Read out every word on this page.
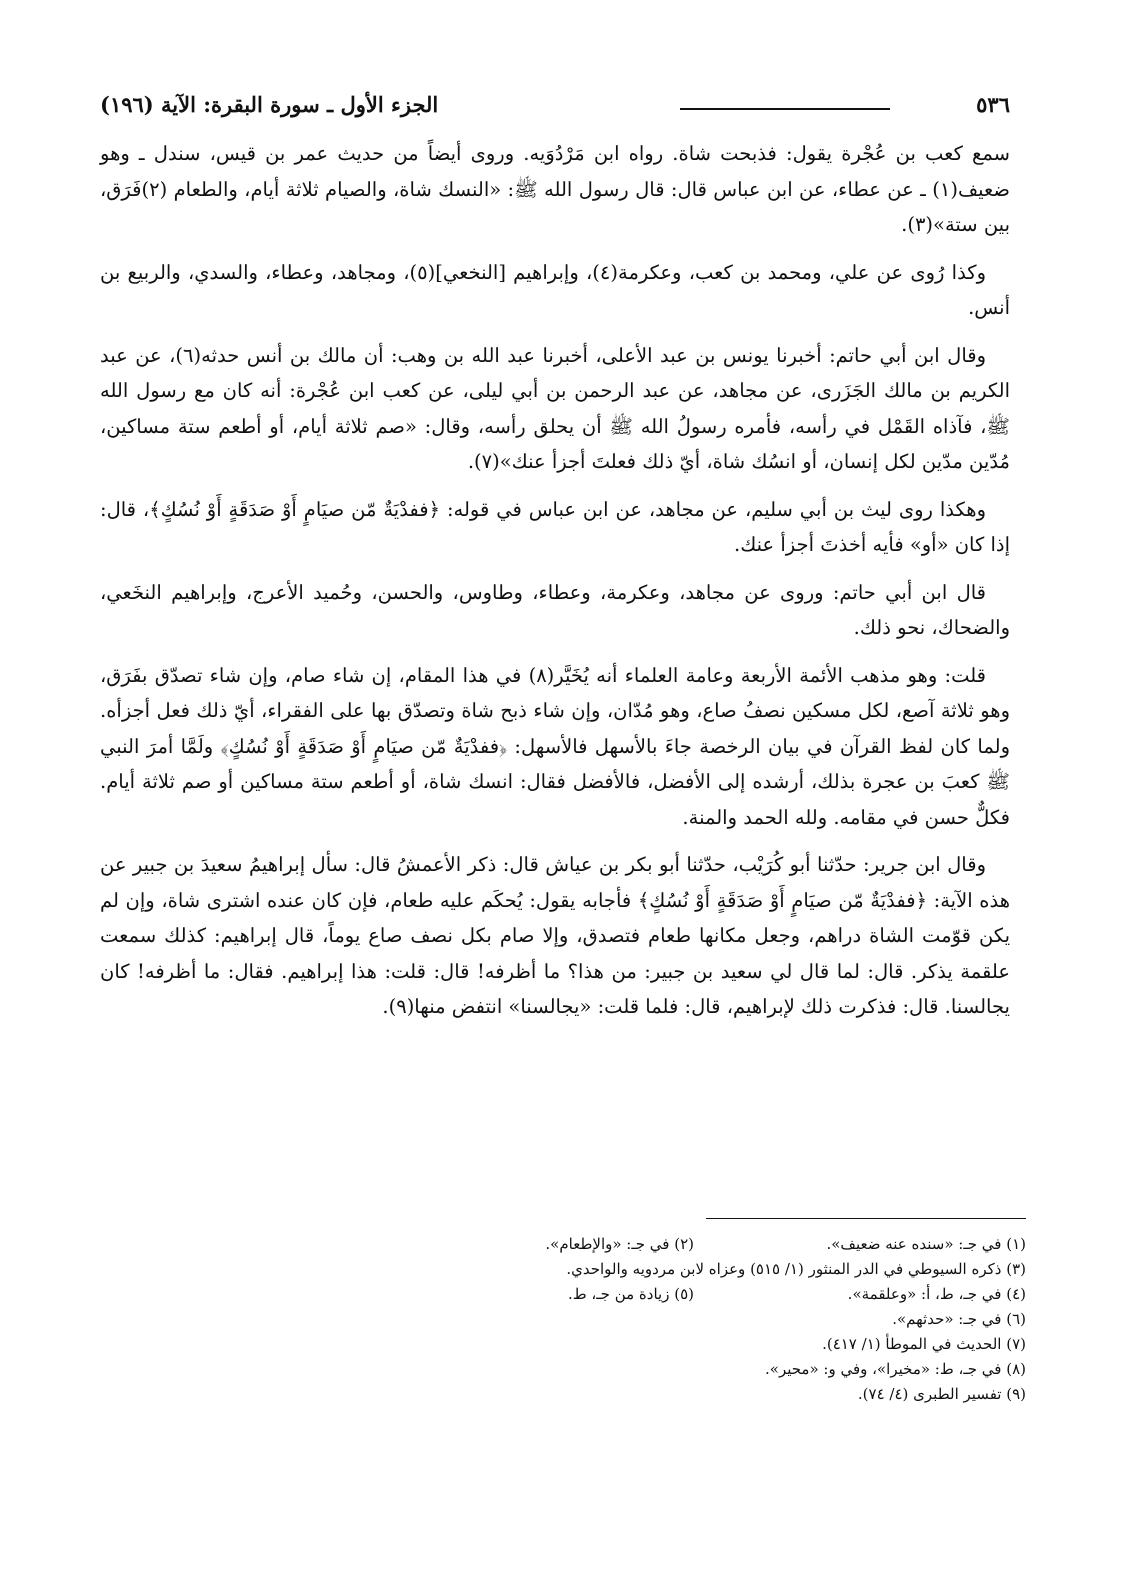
٥٣٦
الجزء الأول ـ سورة البقرة: الآية (١٩٦)

سمع كعب بن عُجْرة يقول: فذبحت شاة. رواه ابن مَرْدُوَيه. وروى أيضاً من حديث عمر بن قيس، سندل ـ وهو ضعيف(١) ـ عن عطاء، عن ابن عباس قال: قال رسول الله ﷺ: «النسك شاة، والصيام ثلاثة أيام، والطعام (٢)فَرَق، بين ستة»(٣).

وكذا رُوى عن علي، ومحمد بن كعب، وعكرمة(٤)، وإبراهيم [النخعي](٥)، ومجاهد، وعطاء، والسدي، والربيع بن أنس.

وقال ابن أبي حاتم: أخبرنا يونس بن عبد الأعلى، أخبرنا عبد الله بن وهب: أن مالك بن أنس حدثه(٦)، عن عبد الكريم بن مالك الجَزَرى، عن مجاهد، عن عبد الرحمن بن أبي ليلى، عن كعب ابن عُجْرة: أنه كان مع رسول الله ﷺ، فآذاه القَمْل في رأسه، فأمره رسولُ الله ﷺ أن يحلق رأسه، وقال: «صم ثلاثة أيام، أو أطعم ستة مساكين، مُدّين مدّين لكل إنسان، أو انسُك شاة، أيّ ذلك فعلتَ أجزأ عنك»(٧).

وهكذا روى ليث بن أبي سليم، عن مجاهد، عن ابن عباس في قوله: ﴿ففدْيَةٌ مّن صيَامٍ أَوْ صَدَقَةٍ أَوْ نُسُكٍ﴾، قال: إذا كان «أو» فأيه أخذتَ أجزأ عنك.

قال ابن أبي حاتم: وروى عن مجاهد، وعكرمة، وعطاء، وطاوس، والحسن، وحُميد الأعرج، وإبراهيم النخَعي، والضحاك، نحو ذلك.

قلت: وهو مذهب الأئمة الأربعة وعامة العلماء أنه يُخَيَّر(٨) في هذا المقام، إن شاء صام، وإن شاء تصدّق بفَرَق، وهو ثلاثة آصع، لكل مسكين نصفُ صاع، وهو مُدّان، وإن شاء ذبح شاة وتصدّق بها على الفقراء، أيّ ذلك فعل أجزأه. ولما كان لفظ القرآن في بيان الرخصة جاءَ بالأسهل فالأسهل: ﴿ففدْيَةٌ مّن صيَامٍ أَوْ صَدَقَةٍ أَوْ نُسُكٍ﴾ ولَمَّا أمرَ النبي ﷺ كعبَ بن عجرة بذلك، أرشده إلى الأفضل، فالأفضل فقال: انسك شاة، أو أطعم ستة مساكين أو صم ثلاثة أيام. فكلٌّ حسن في مقامه. ولله الحمد والمنة.

وقال ابن جرير: حدّثنا أبو كُرَيْب، حدّثنا أبو بكر بن عياش قال: ذكر الأعمشُ قال: سأل إبراهيمُ سعيدَ بن جبير عن هذه الآية: ﴿ففدْيَةٌ مّن صيَامٍ أَوْ صَدَقَةٍ أَوْ نُسُكٍ﴾ فأجابه يقول: يُحكَم عليه طعام، فإن كان عنده اشترى شاة، وإن لم يكن قوّمت الشاة دراهم، وجعل مكانها طعام فتصدق، وإلا صام بكل نصف صاع يوماً، قال إبراهيم: كذلك سمعت علقمة يذكر. قال: لما قال لي سعيد بن جبير: من هذا؟ ما أظرفه! قال: قلت: هذا إبراهيم. فقال: ما أظرفه! كان يجالسنا. قال: فذكرت ذلك لإبراهيم، قال: فلما قلت: «يجالسنا» انتفض منها(٩).

(١) في جـ: «سنده عنه ضعيف».
(٢) في جـ: «والإطعام».
(٣) ذكره السيوطي في الدر المنثور (١/ ٥١٥) وعزاه لابن مردويه والواحدي.
(٤) في جـ، ط، أ: «وعلقمة».
(٥) زيادة من جـ، ط.
(٦) في جـ: «حدثهم».
(٧) الحديث في الموطأ (١/ ٤١٧).
(٨) في جـ، ط: «مخيرا»، وفي و: «محير».
(٩) تفسير الطبرى (٤/ ٧٤).
